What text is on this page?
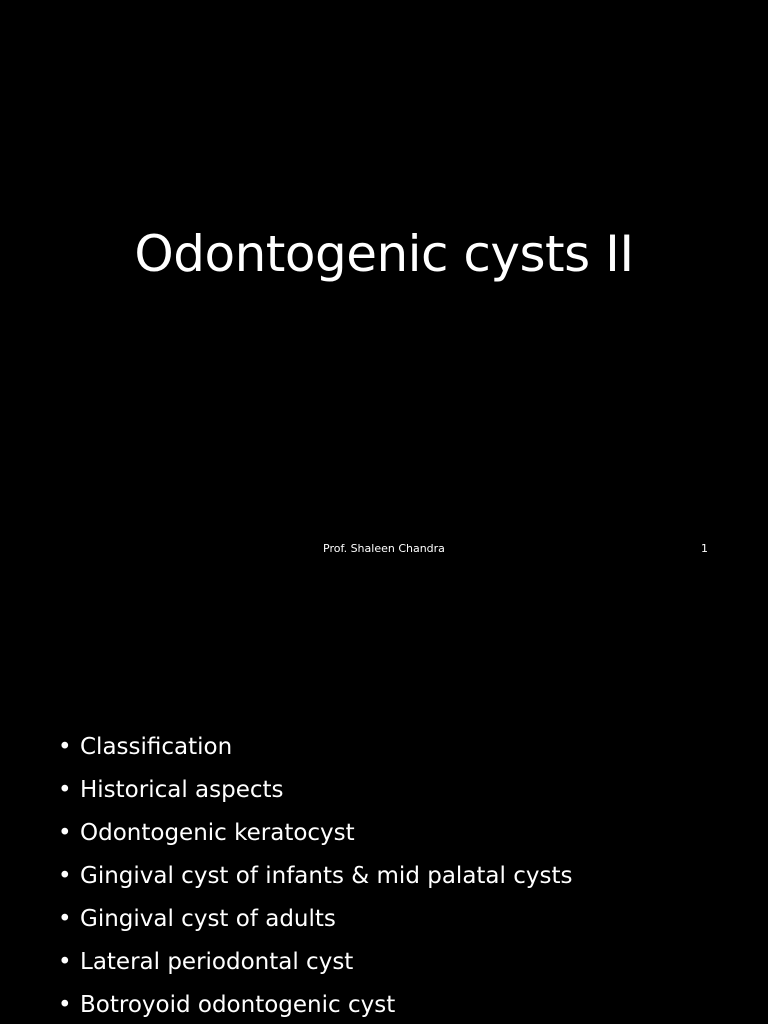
Odontogenic cysts II
Prof. Shaleen Chandra	1
• Classification
• Historical aspects
• Odontogenic keratocyst
• Gingival cyst of infants & mid palatal cysts
• Gingival cyst of adults
• Lateral periodontal cyst
• Botroyoid odontogenic cyst
